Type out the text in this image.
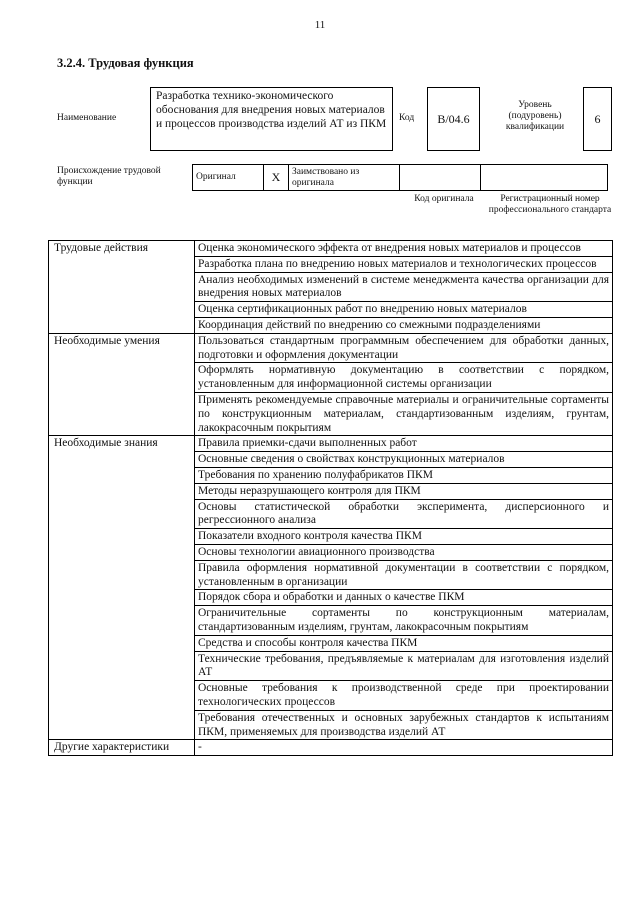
11
3.2.4. Трудовая функция
Наименование
Разработка технико-экономического обоснования для внедрения новых материалов и процессов производства изделий АТ из ПКМ	Код B/04.6
Уровень (подуровень) квалификации
6
Происхождение трудовой функции	Оригинал	X	Заимствовано из оригинала		
Код оригинала	Регистрационный номер профессионального стандарта
Трудовые действия	Оценка экономического эффекта от внедрения новых материалов и процессов
	Разработка плана по внедрению новых материалов и технологических процессов
	Анализ необходимых изменений в системе менеджмента качества организации для внедрения новых материалов
	Оценка сертификационных работ по внедрению новых материалов
	Координация действий по внедрению со смежными подразделениями
Необходимые умения	Пользоваться стандартным программным обеспечением для обработки данных, подготовки и оформления документации
	Оформлять нормативную документацию в соответствии с порядком, установленным для информационной системы организации
	Применять рекомендуемые справочные материалы и ограничительные сортаменты по конструкционным материалам, стандартизованным изделиям, грунтам, лакокрасочным покрытиям
Необходимые знания	Правила приемки-сдачи выполненных работ
	Основные сведения о свойствах конструкционных материалов
	Требования по хранению полуфабрикатов ПКМ
	Методы неразрушающего контроля для ПКМ
	Основы статистической обработки эксперимента, дисперсионного и регрессионного анализа
	Показатели входного контроля качества ПКМ
	Основы технологии авиационного производства
	Правила оформления нормативной документации в соответствии с порядком, установленным в организации
	Порядок сбора и обработки и данных о качестве ПКМ
	Ограничительные сортаменты по конструкционным материалам, стандартизованным изделиям, грунтам, лакокрасочным покрытиям
	Средства и способы контроля качества ПКМ
	Технические требования, предъявляемые к материалам для изготовления изделий АТ
	Основные требования к производственной среде при проектировании технологических процессов
	Требования отечественных и основных зарубежных стандартов к испытаниям ПКМ, применяемых для производства изделий АТ
Другие характеристики	-
